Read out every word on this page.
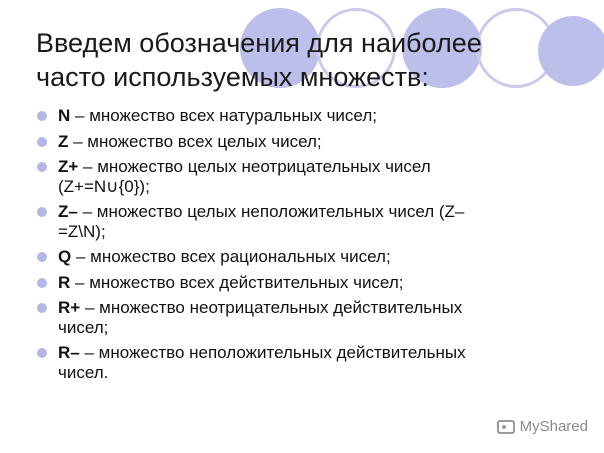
Введем обозначения для наиболее
часто используемых множеств:
N – множество всех натуральных чисел;
Z – множество всех целых чисел;
Z+ – множество целых неотрицательных чисел
(Z+=N∪{0});
Z– – множество целых неположительных чисел (Z–
=Z\N);
Q – множество всех рациональных чисел;
R – множество всех действительных чисел;
R+ – множество неотрицательных действительных
чисел;
R– – множество неположительных действительных
чисел.
MyShared
